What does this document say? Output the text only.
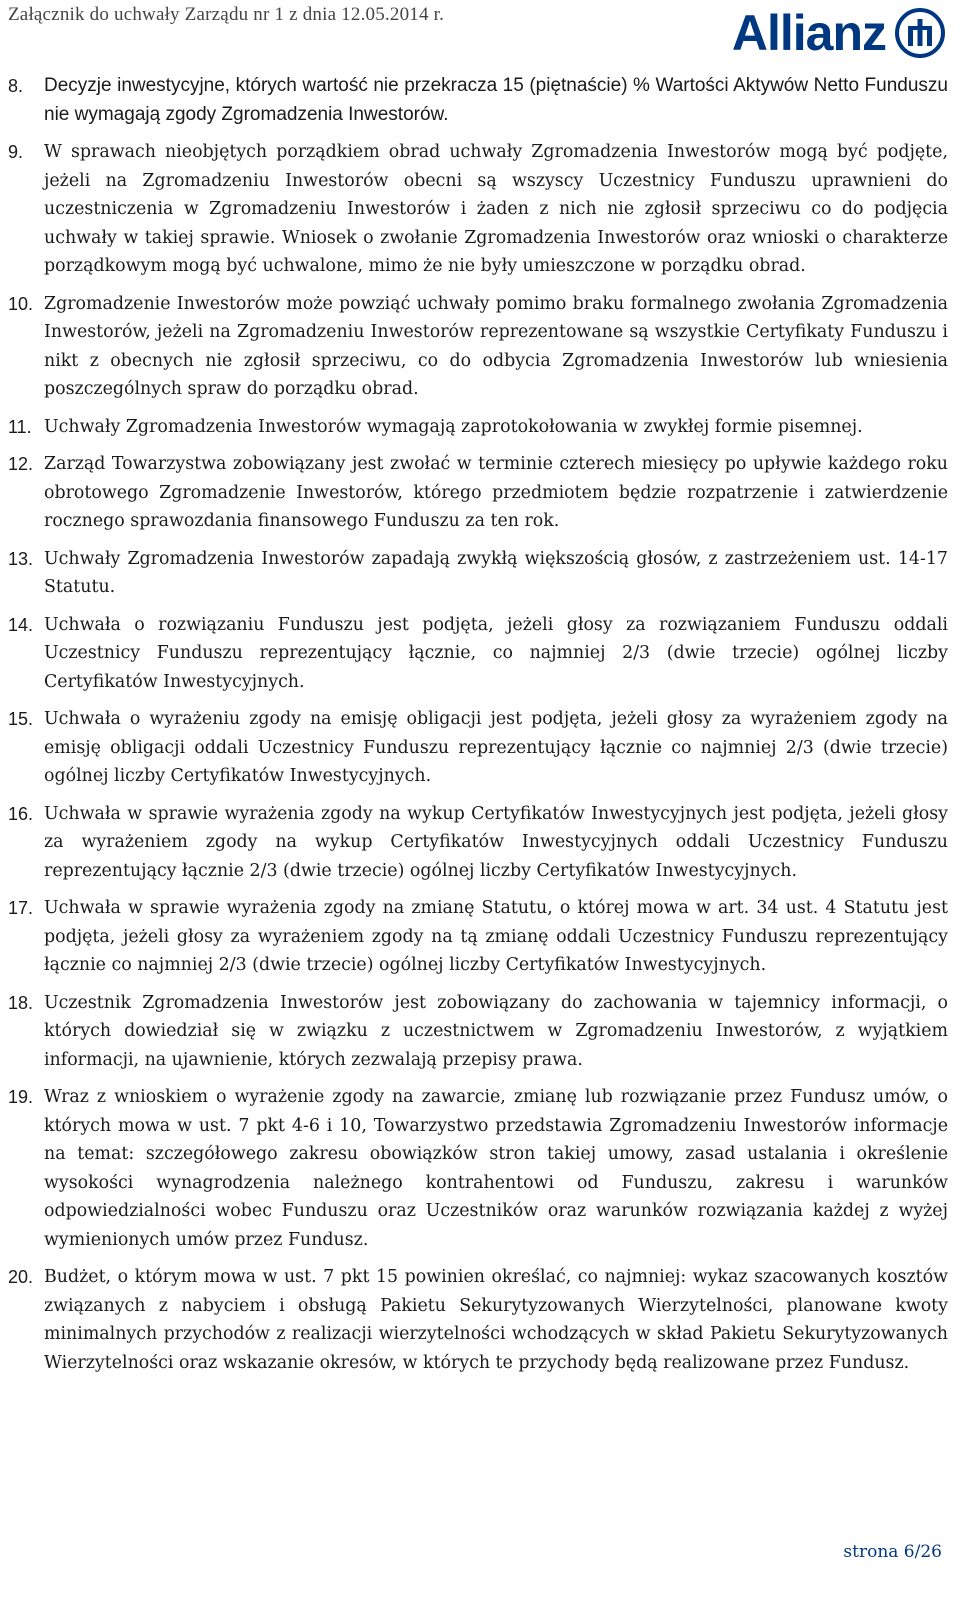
Załącznik do uchwały Zarządu nr 1 z dnia 12.05.2014 r.	Allianz
8. Decyzje inwestycyjne, których wartość nie przekracza 15 (piętnaście) % Wartości Aktywów Netto Funduszu nie wymagają zgody Zgromadzenia Inwestorów.
9. W sprawach nieobjętych porządkiem obrad uchwały Zgromadzenia Inwestorów mogą być podjęte, jeżeli na Zgromadzeniu Inwestorów obecni są wszyscy Uczestnicy Funduszu uprawnieni do uczestniczenia w Zgromadzeniu Inwestorów i żaden z nich nie zgłosił sprzeciwu co do podjęcia uchwały w takiej sprawie. Wniosek o zwołanie Zgromadzenia Inwestorów oraz wnioski o charakterze porządkowym mogą być uchwalone, mimo że nie były umieszczone w porządku obrad.
10. Zgromadzenie Inwestorów może powziąć uchwały pomimo braku formalnego zwołania Zgromadzenia Inwestorów, jeżeli na Zgromadzeniu Inwestorów reprezentowane są wszystkie Certyfikaty Funduszu i nikt z obecnych nie zgłosił sprzeciwu, co do odbycia Zgromadzenia Inwestorów lub wniesienia poszczególnych spraw do porządku obrad.
11. Uchwały Zgromadzenia Inwestorów wymagają zaprotokołowania w zwykłej formie pisemnej.
12. Zarząd Towarzystwa zobowiązany jest zwołać w terminie czterech miesięcy po upływie każdego roku obrotowego Zgromadzenie Inwestorów, którego przedmiotem będzie rozpatrzenie i zatwierdzenie rocznego sprawozdania finansowego Funduszu za ten rok.
13. Uchwały Zgromadzenia Inwestorów zapadają zwykłą większością głosów, z zastrzeżeniem ust. 14-17 Statutu.
14. Uchwała o rozwiązaniu Funduszu jest podjęta, jeżeli głosy za rozwiązaniem Funduszu oddali Uczestnicy Funduszu reprezentujący łącznie, co najmniej 2/3 (dwie trzecie) ogólnej liczby Certyfikatów Inwestycyjnych.
15. Uchwała o wyrażeniu zgody na emisję obligacji jest podjęta, jeżeli głosy za wyrażeniem zgody na emisję obligacji oddali Uczestnicy Funduszu reprezentujący łącznie co najmniej 2/3 (dwie trzecie) ogólnej liczby Certyfikatów Inwestycyjnych.
16. Uchwała w sprawie wyrażenia zgody na wykup Certyfikatów Inwestycyjnych jest podjęta, jeżeli głosy za wyrażeniem zgody na wykup Certyfikatów Inwestycyjnych oddali Uczestnicy Funduszu reprezentujący łącznie 2/3 (dwie trzecie) ogólnej liczby Certyfikatów Inwestycyjnych.
17. Uchwała w sprawie wyrażenia zgody na zmianę Statutu, o której mowa w art. 34 ust. 4 Statutu jest podjęta, jeżeli głosy za wyrażeniem zgody na tą zmianę oddali Uczestnicy Funduszu reprezentujący łącznie co najmniej 2/3 (dwie trzecie) ogólnej liczby Certyfikatów Inwestycyjnych.
18. Uczestnik Zgromadzenia Inwestorów jest zobowiązany do zachowania w tajemnicy informacji, o których dowiedział się w związku z uczestnictwem w Zgromadzeniu Inwestorów, z wyjątkiem informacji, na ujawnienie, których zezwalają przepisy prawa.
19. Wraz z wnioskiem o wyrażenie zgody na zawarcie, zmianę lub rozwiązanie przez Fundusz umów, o których mowa w ust. 7 pkt 4-6 i 10, Towarzystwo przedstawia Zgromadzeniu Inwestorów informacje na temat: szczegółowego zakresu obowiązków stron takiej umowy, zasad ustalania i określenie wysokości wynagrodzenia należnego kontrahentowi od Funduszu, zakresu i warunków odpowiedzialności wobec Funduszu oraz Uczestników oraz warunków rozwiązania każdej z wyżej wymienionych umów przez Fundusz.
20. Budżet, o którym mowa w ust. 7 pkt 15 powinien określać, co najmniej: wykaz szacowanych kosztów związanych z nabyciem i obsługą Pakietu Sekurytyzowanych Wierzytelności, planowane kwoty minimalnych przychodów z realizacji wierzytelności wchodzących w skład Pakietu Sekurytyzowanych Wierzytelności oraz wskazanie okresów, w których te przychody będą realizowane przez Fundusz.
strona 6/26
